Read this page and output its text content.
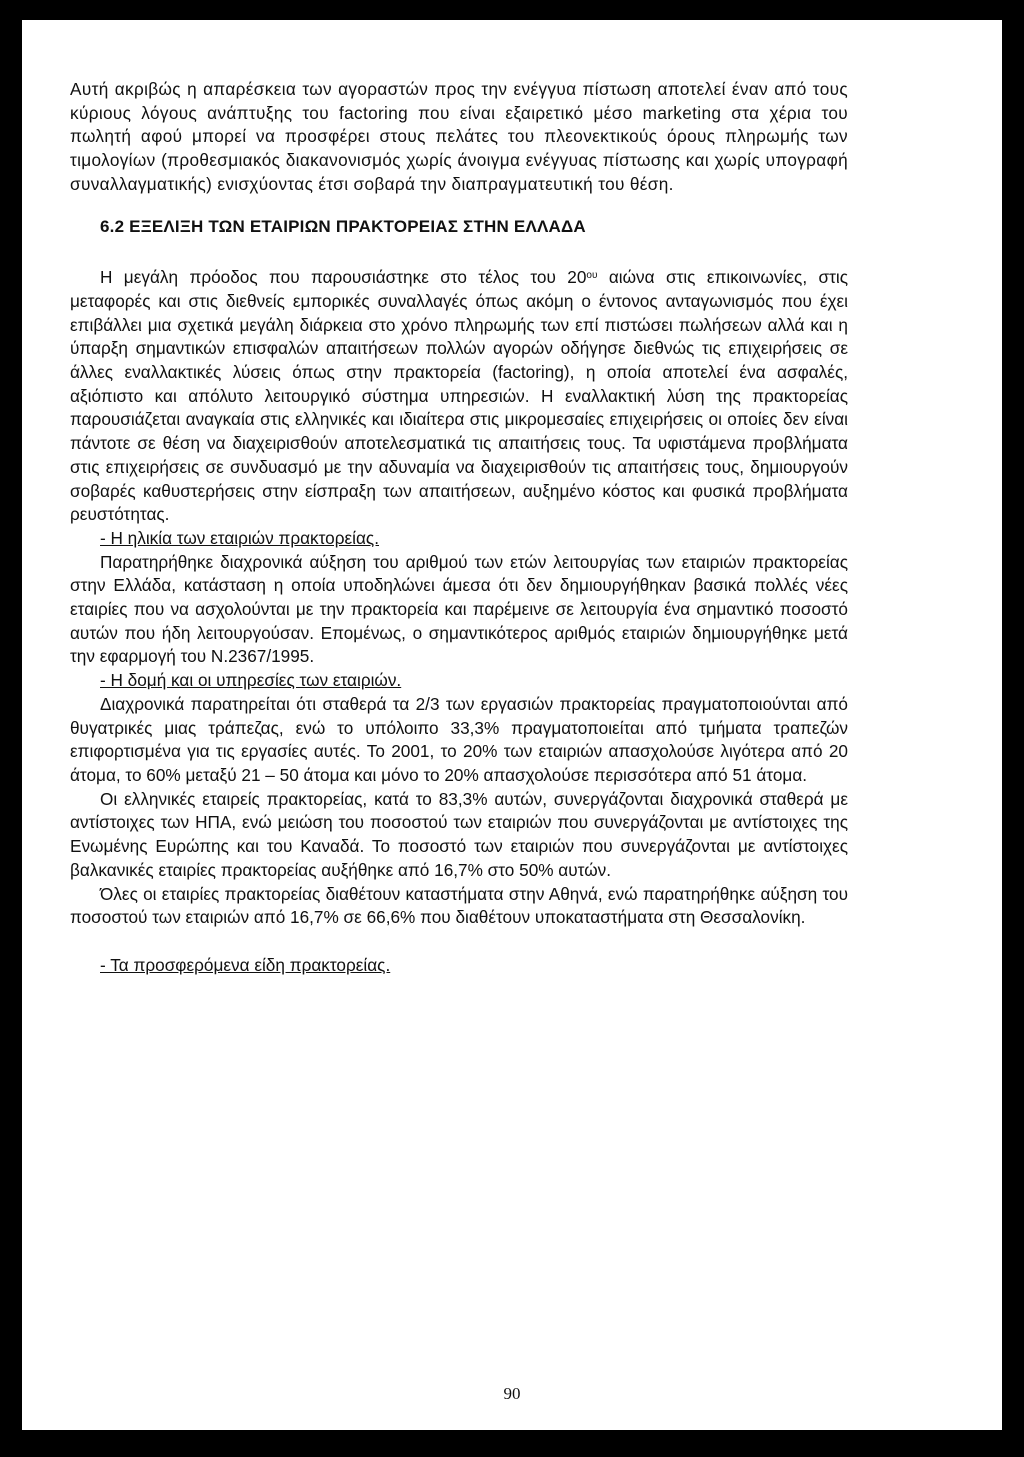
Αυτή ακριβώς η απαρέσκεια των αγοραστών προς την ενέγγυα πίστωση αποτελεί έναν από τους κύριους λόγους ανάπτυξης του factoring που είναι εξαιρετικό μέσο marketing στα χέρια του πωλητή αφού μπορεί να προσφέρει στους πελάτες του πλεονεκτικούς όρους πληρωμής των τιμολογίων (προθεσμιακός διακανονισμός χωρίς άνοιγμα ενέγγυας πίστωσης και χωρίς υπογραφή συναλλαγματικής) ενισχύοντας έτσι σοβαρά την διαπραγματευτική του θέση.

6.2 ΕΞΕΛΙΞΗ ΤΩΝ ΕΤΑΙΡΙΩΝ ΠΡΑΚΤΟΡΕΙΑΣ ΣΤΗΝ ΕΛΛΑΔΑ

Η μεγάλη πρόοδος που παρουσιάστηκε στο τέλος του $20^{o\upsilon}$ αιώνα στις επικοινωνίες, στις μεταφορές και στις διεθνείς εμπορικές συναλλαγές όπως ακόμη ο έντονος ανταγωνισμός που έχει επιβάλλει μια σχετικά μεγάλη διάρκεια στο χρόνο πληρωμής των επί πιστώσει πωλήσεων αλλά και η ύπαρξη σημαντικών επισφαλών απαιτήσεων πολλών αγορών οδήγησε διεθνώς τις επιχειρήσεις σε άλλες εναλλακτικές λύσεις όπως στην πρακτορεία (factoring), η οποία αποτελεί ένα ασφαλές, αξιόπιστο και απόλυτο λειτουργικό σύστημα υπηρεσιών. Η εναλλακτική λύση της πρακτορείας παρουσιάζεται αναγκαία στις ελληνικές και ιδιαίτερα στις μικρομεσαίες επιχειρήσεις οι οποίες δεν είναι πάντοτε σε θέση να διαχειρισθούν αποτελεσματικά τις απαιτήσεις τους. Τα υφιστάμενα προβλήματα στις επιχειρήσεις σε συνδυασμό με την αδυναμία να διαχειρισθούν τις απαιτήσεις τους, δημιουργούν σοβαρές καθυστερήσεις στην είσπραξη των απαιτήσεων, αυξημένο κόστος και φυσικά προβλήματα ρευστότητας.

- Η ηλικία των εταιριών πρακτορείας.

Παρατηρήθηκε διαχρονικά αύξηση του αριθμού των ετών λειτουργίας των εταιριών πρακτορείας στην Ελλάδα, κατάσταση η οποία υποδηλώνει άμεσα ότι δεν δημιουργήθηκαν βασικά πολλές νέες εταιρίες που να ασχολούνται με την πρακτορεία και παρέμεινε σε λειτουργία ένα σημαντικό ποσοστό αυτών που ήδη λειτουργούσαν. Επομένως, ο σημαντικότερος αριθμός εταιριών δημιουργήθηκε μετά την εφαρμογή του Ν.2367/1995.

- Η δομή και οι υπηρεσίες των εταιριών.

Διαχρονικά παρατηρείται ότι σταθερά τα 2/3 των εργασιών πρακτορείας πραγματοποιούνται από θυγατρικές μιας τράπεζας, ενώ το υπόλοιπο 33,3% πραγματοποιείται από τμήματα τραπεζών επιφορτισμένα για τις εργασίες αυτές. Το 2001, το 20% των εταιριών απασχολούσε λιγότερα από 20 άτομα, το 60% μεταξύ 21 – 50 άτομα και μόνο το 20% απασχολούσε περισσότερα από 51 άτομα.

Οι ελληνικές εταιρείς πρακτορείας, κατά το 83,3% αυτών, συνεργάζονται διαχρονικά σταθερά με αντίστοιχες των ΗΠΑ, ενώ μειώση του ποσοστού των εταιριών που συνεργάζονται με αντίστοιχες της Ενωμένης Ευρώπης και του Καναδά. Το ποσοστό των εταιριών που συνεργάζονται με αντίστοιχες βαλκανικές εταιρίες πρακτορείας αυξήθηκε από 16,7% στο 50% αυτών.

Όλες οι εταιρίες πρακτορείας διαθέτουν καταστήματα στην Αθηνά, ενώ παρατηρήθηκε αύξηση του ποσοστού των εταιριών από 16,7% σε 66,6% που διαθέτουν υποκαταστήματα στη Θεσσαλονίκη.

- Τα προσφερόμενα είδη πρακτορείας.

90
